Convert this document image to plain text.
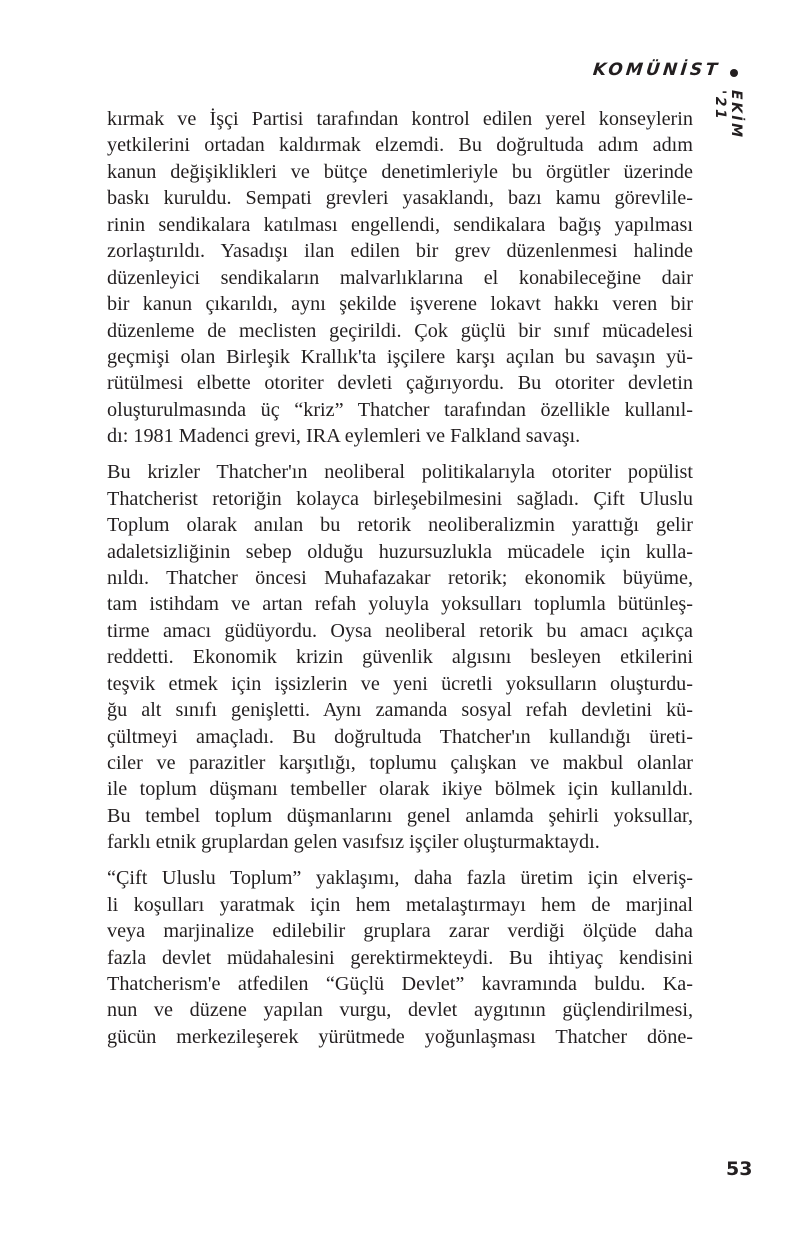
KOMÜNİST
EKİM '21

kırmak ve İşçi Partisi tarafından kontrol edilen yerel konseylerin
yetkilerini ortadan kaldırmak elzemdi. Bu doğrultuda adım adım
kanun değişiklikleri ve bütçe denetimleriyle bu örgütler üzerinde
baskı kuruldu. Sempati grevleri yasaklandı, bazı kamu görevlile-
rinin sendikalara katılması engellendi, sendikalara bağış yapılması
zorlaştırıldı. Yasadışı ilan edilen bir grev düzenlenmesi halinde
düzenleyici sendikaların malvarlıklarına el konabileceğine dair
bir kanun çıkarıldı, aynı şekilde işverene lokavt hakkı veren bir
düzenleme de meclisten geçirildi. Çok güçlü bir sınıf mücadelesi
geçmişi olan Birleşik Krallık'ta işçilere karşı açılan bu savaşın yü-
rütülmesi elbette otoriter devleti çağırıyordu. Bu otoriter devletin
oluşturulmasında üç “kriz” Thatcher tarafından özellikle kullanıl-
dı: 1981 Madenci grevi, IRA eylemleri ve Falkland savaşı.

Bu krizler Thatcher'ın neoliberal politikalarıyla otoriter popülist
Thatcherist retoriğin kolayca birleşebilmesini sağladı. Çift Uluslu
Toplum olarak anılan bu retorik neoliberalizmin yarattığı gelir
adaletsizliğinin sebep olduğu huzursuzlukla mücadele için kulla-
nıldı. Thatcher öncesi Muhafazakar retorik; ekonomik büyüme,
tam istihdam ve artan refah yoluyla yoksulları toplumla bütünleş-
tirme amacı güdüyordu. Oysa neoliberal retorik bu amacı açıkça
reddetti. Ekonomik krizin güvenlik algısını besleyen etkilerini
teşvik etmek için işsizlerin ve yeni ücretli yoksulların oluşturdu-
ğu alt sınıfı genişletti. Aynı zamanda sosyal refah devletini kü-
çültmeyi amaçladı. Bu doğrultuda Thatcher'ın kullandığı üreti-
ciler ve parazitler karşıtlığı, toplumu çalışkan ve makbul olanlar
ile toplum düşmanı tembeller olarak ikiye bölmek için kullanıldı.
Bu tembel toplum düşmanlarını genel anlamda şehirli yoksullar,
farklı etnik gruplardan gelen vasıfsız işçiler oluşturmaktaydı.

“Çift Uluslu Toplum” yaklaşımı, daha fazla üretim için elveriş-
li koşulları yaratmak için hem metalaştırmayı hem de marjinal
veya marjinalize edilebilir gruplara zarar verdiği ölçüde daha
fazla devlet müdahalesini gerektirmekteydi. Bu ihtiyaç kendisini
Thatcherism'e atfedilen “Güçlü Devlet” kavramında buldu. Ka-
nun ve düzene yapılan vurgu, devlet aygıtının güçlendirilmesi,
gücün merkezileşerek yürütmede yoğunlaşması Thatcher döne-

53
